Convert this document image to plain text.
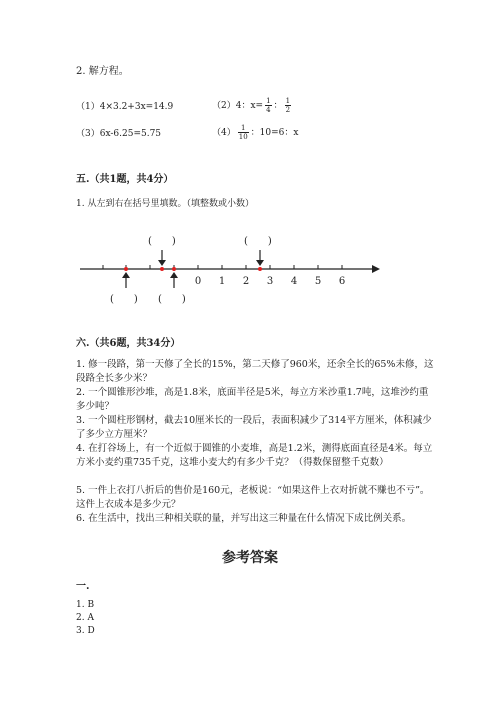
2. 解方程。
（1）4×3.2+3x=14.9	（2）4：$x= \frac{1}{4}$ ： $\frac{1}{2}$
（3）6x-6.25=5.75	$(4) \frac{1}{10}$ ：10=6：x
五.（共1题，共4分）
1. 从左到右在括号里填数。（填整数或小数）
(　　)	(　　)
0 1 2 3 4 5 6
(　　) (　　)
六.（共6题，共34分）
1. 修一段路，第一天修了全长的15%，第二天修了960米，还余全长的65%未修，这段路全长多少米？
2. 一个圆锥形沙堆，高是1.8米，底面半径是5米，每立方米沙重1.7吨，这堆沙约重多少吨？
3. 一个圆柱形钢材，截去10厘米长的一段后，表面积减少了314平方厘米，体积减少了多少立方厘米？
4. 在打谷场上，有一个近似于圆锥的小麦堆，高是1.2米，测得底面直径是4米。每立方米小麦约重735千克，这堆小麦大约有多少千克？（得数保留整千克数）
5. 一件上衣打八折后的售价是160元，老板说：“如果这件上衣对折就不赚也不亏”。这件上衣成本是多少元？
6. 在生活中，找出三种相关联的量，并写出这三种量在什么情况下成比例关系。
参考答案
一.
1. B
2. A
3. D
